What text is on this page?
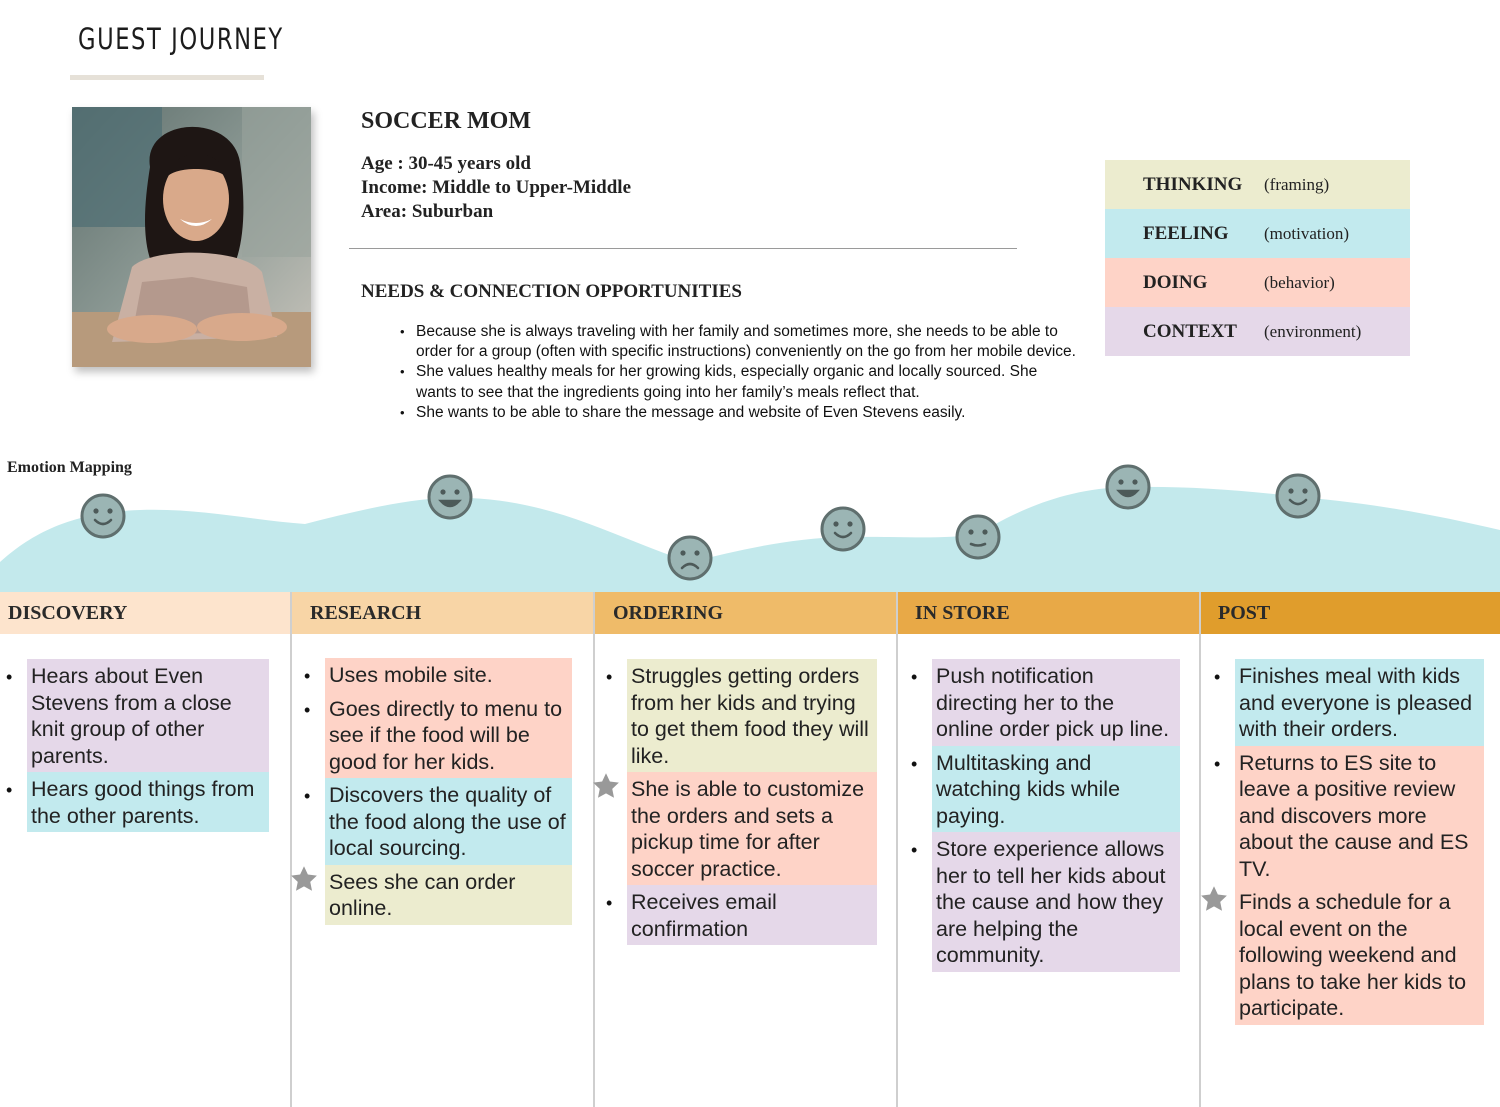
GUEST JOURNEY
SOCCER MOM
Age : 30-45 years old
Income: Middle to Upper-Middle
Area: Suburban
NEEDS & CONNECTION OPPORTUNITIES
• Because she is always traveling with her family and sometimes more, she needs to be able to order for a group (often with specific instructions) conveniently on the go from her mobile device.
• She values healthy meals for her growing kids, especially organic and locally sourced. She wants to see that the ingredients going into her family’s meals reflect that.
• She wants to be able to share the message and website of Even Stevens easily.
THINKING	(framing)
FEELING	(motivation)
DOING	(behavior)
CONTEXT	(environment)
Emotion Mapping
DISCOVERY	RESEARCH	ORDERING	IN STORE	POST
• Hears about Even Stevens from a close knit group of other parents.
• Hears good things from the other parents.
• Uses mobile site.
• Goes directly to menu to see if the food will be good for her kids.
• Discovers the quality of the food along the use of local sourcing.
Sees she can order online.
• Struggles getting orders from her kids and trying to get them food they will like.
She is able to customize the orders and sets a pickup time for after soccer practice.
• Receives email confirmation
• Push notification directing her to the online order pick up line.
• Multitasking and watching kids while paying.
• Store experience allows her to tell her kids about the cause and how they are helping the community.
• Finishes meal with kids and everyone is pleased with their orders.
• Returns to ES site to leave a positive review and discovers more about the cause and ES TV.
Finds a schedule for a local event on the following weekend and plans to take her kids to participate.
